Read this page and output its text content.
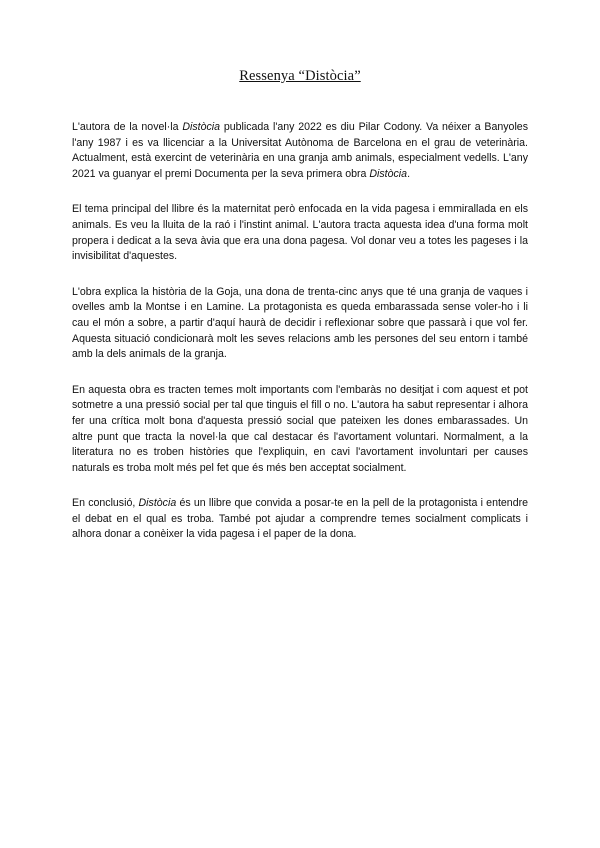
Ressenya “Distòcia”

L'autora de la novel·la Distòcia publicada l'any 2022 es diu Pilar Codony. Va néixer a Banyoles l'any 1987 i es va llicenciar a la Universitat Autònoma de Barcelona en el grau de veterinària. Actualment, està exercint de veterinària en una granja amb animals, especialment vedells. L'any 2021 va guanyar el premi Documenta per la seva primera obra Distòcia.

El tema principal del llibre és la maternitat però enfocada en la vida pagesa i emmirallada en els animals. Es veu la lluita de la raó i l'instint animal. L'autora tracta aquesta idea d'una forma molt propera i dedicat a la seva àvia que era una dona pagesa. Vol donar veu a totes les pageses i la invisibilitat d'aquestes.

L'obra explica la història de la Goja, una dona de trenta-cinc anys que té una granja de vaques i ovelles amb la Montse i en Lamine. La protagonista es queda embarassada sense voler-ho i li cau el món a sobre, a partir d'aquí haurà de decidir i reflexionar sobre que passarà i que vol fer. Aquesta situació condicionarà molt les seves relacions amb les persones del seu entorn i també amb la dels animals de la granja.

En aquesta obra es tracten temes molt importants com l'embaràs no desitjat i com aquest et pot sotmetre a una pressió social per tal que tinguis el fill o no. L'autora ha sabut representar i alhora fer una crítica molt bona d'aquesta pressió social que pateixen les dones embarassades. Un altre punt que tracta la novel·la que cal destacar és l'avortament voluntari. Normalment, a la literatura no es troben històries que l'expliquin, en cavi l'avortament involuntari per causes naturals es troba molt més pel fet que és més ben acceptat socialment.

En conclusió, Distòcia és un llibre que convida a posar-te en la pell de la protagonista i entendre el debat en el qual es troba. També pot ajudar a comprendre temes socialment complicats i alhora donar a conèixer la vida pagesa i el paper de la dona.
